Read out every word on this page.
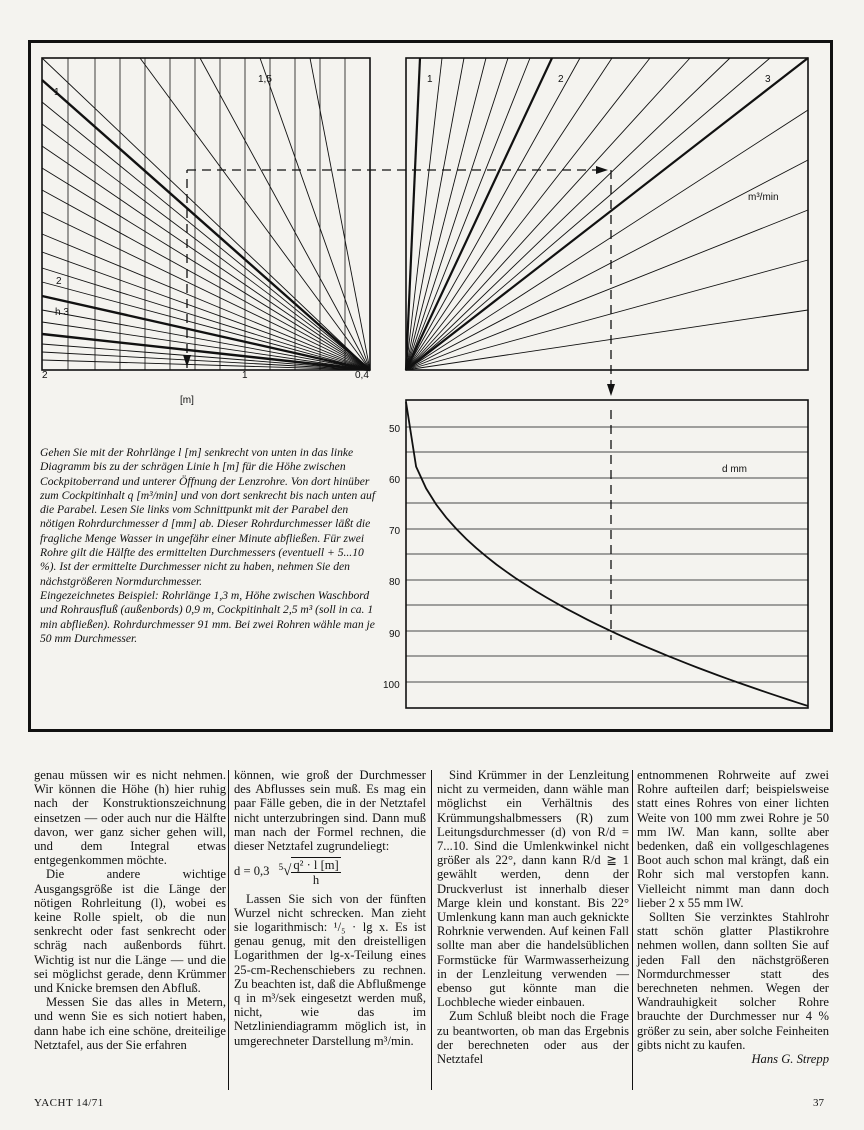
1
1,5
2
h 3
2	1	0,4
[m]
1	2	3
m³/min
50
60
70
80
90
100
d mm

Gehen Sie mit der Rohrlänge l [m] senkrecht von unten in das linke Diagramm bis zu der schrägen Linie h [m] für die Höhe zwischen Cockpitoberrand und unterer Öffnung der Lenzrohre. Von dort hinüber zum Cockpitinhalt q [m³/min] und von dort senkrecht bis nach unten auf die Parabel. Lesen Sie links vom Schnittpunkt mit der Parabel den nötigen Rohrdurchmesser d [mm] ab. Dieser Rohrdurchmesser läßt die fragliche Menge Wasser in ungefähr einer Minute abfließen. Für zwei Rohre gilt die Hälfte des ermittelten Durchmessers (eventuell + 5...10 %). Ist der ermittelte Durchmesser nicht zu haben, nehmen Sie den nächstgrößeren Normdurchmesser.

Eingezeichnetes Beispiel: Rohrlänge 1,3 m, Höhe zwischen Waschbord und Rohrausfluß (außenbords) 0,9 m, Cockpitinhalt 2,5 m³ (soll in ca. 1 min abfließen). Rohrdurchmesser 91 mm. Bei zwei Rohren wähle man je 50 mm Durchmesser.

genau müssen wir es nicht nehmen. Wir können die Höhe (h) hier ruhig nach der Konstruktionszeichnung einsetzen — oder auch nur die Hälfte davon, wer ganz sicher gehen will, und dem Integral etwas entgegenkommen möchte.

Die andere wichtige Ausgangsgröße ist die Länge der nötigen Rohrleitung (l), wobei es keine Rolle spielt, ob die nun senkrecht oder fast senkrecht oder schräg nach außenbords führt. Wichtig ist nur die Länge — und die sei möglichst gerade, denn Krümmer und Knicke bremsen den Abfluß.

Messen Sie das alles in Metern, und wenn Sie es sich notiert haben, dann habe ich eine schöne, dreiteilige Netztafel, aus der Sie erfahren

können, wie groß der Durchmesser des Abflusses sein muß. Es mag ein paar Fälle geben, die in der Netztafel nicht unterzubringen sind. Dann muß man nach der Formel rechnen, die dieser Netztafel zugrundeliegt:

d = 0,3 $^5√ \frac{\text{q² · l [m]}}{h}$

Lassen Sie sich von der fünften Wurzel nicht schrecken. Man zieht sie logarithmisch: ¹/₅ · lg x. Es ist genau genug, mit den dreistelligen Logarithmen der lg-x-Teilung eines 25-cm-Rechenschiebers zu rechnen. Zu beachten ist, daß die Abflußmenge q in m³/sek eingesetzt werden muß, nicht, wie das im Netzliniendiagramm möglich ist, in umgerechneter Darstellung m³/min.

Sind Krümmer in der Lenzleitung nicht zu vermeiden, dann wähle man möglichst ein Verhältnis des Krümmungshalbmessers (R) zum Leitungsdurchmesser (d) von R/d = 7...10. Sind die Umlenkwinkel nicht größer als 22°, dann kann R/d ≧ 1 gewählt werden, denn der Druckverlust ist innerhalb dieser Marge klein und konstant. Bis 22° Umlenkung kann man auch geknickte Rohrknie verwenden. Auf keinen Fall sollte man aber die handelsüblichen Formstücke für Warmwasserheizung in der Lenzleitung verwenden — ebenso gut könnte man die Lochbleche wieder einbauen.

Zum Schluß bleibt noch die Frage zu beantworten, ob man das Ergebnis der berechneten oder aus der Netztafel

entnommenen Rohrweite auf zwei Rohre aufteilen darf; beispielsweise statt eines Rohres von einer lichten Weite von 100 mm zwei Rohre je 50 mm lW. Man kann, sollte aber bedenken, daß ein vollgeschlagenes Boot auch schon mal krängt, daß ein Rohr sich mal verstopfen kann. Vielleicht nimmt man dann doch lieber 2 x 55 mm lW.

Sollten Sie verzinktes Stahlrohr statt schön glatter Plastikrohre nehmen wollen, dann sollten Sie auf jeden Fall den nächstgrößeren Normdurchmesser statt des berechneten nehmen. Wegen der Wandrauhigkeit solcher Rohre brauchte der Durchmesser nur 4 % größer zu sein, aber solche Feinheiten gibts nicht zu kaufen.

Hans G. Strepp

YACHT 14/71	37
